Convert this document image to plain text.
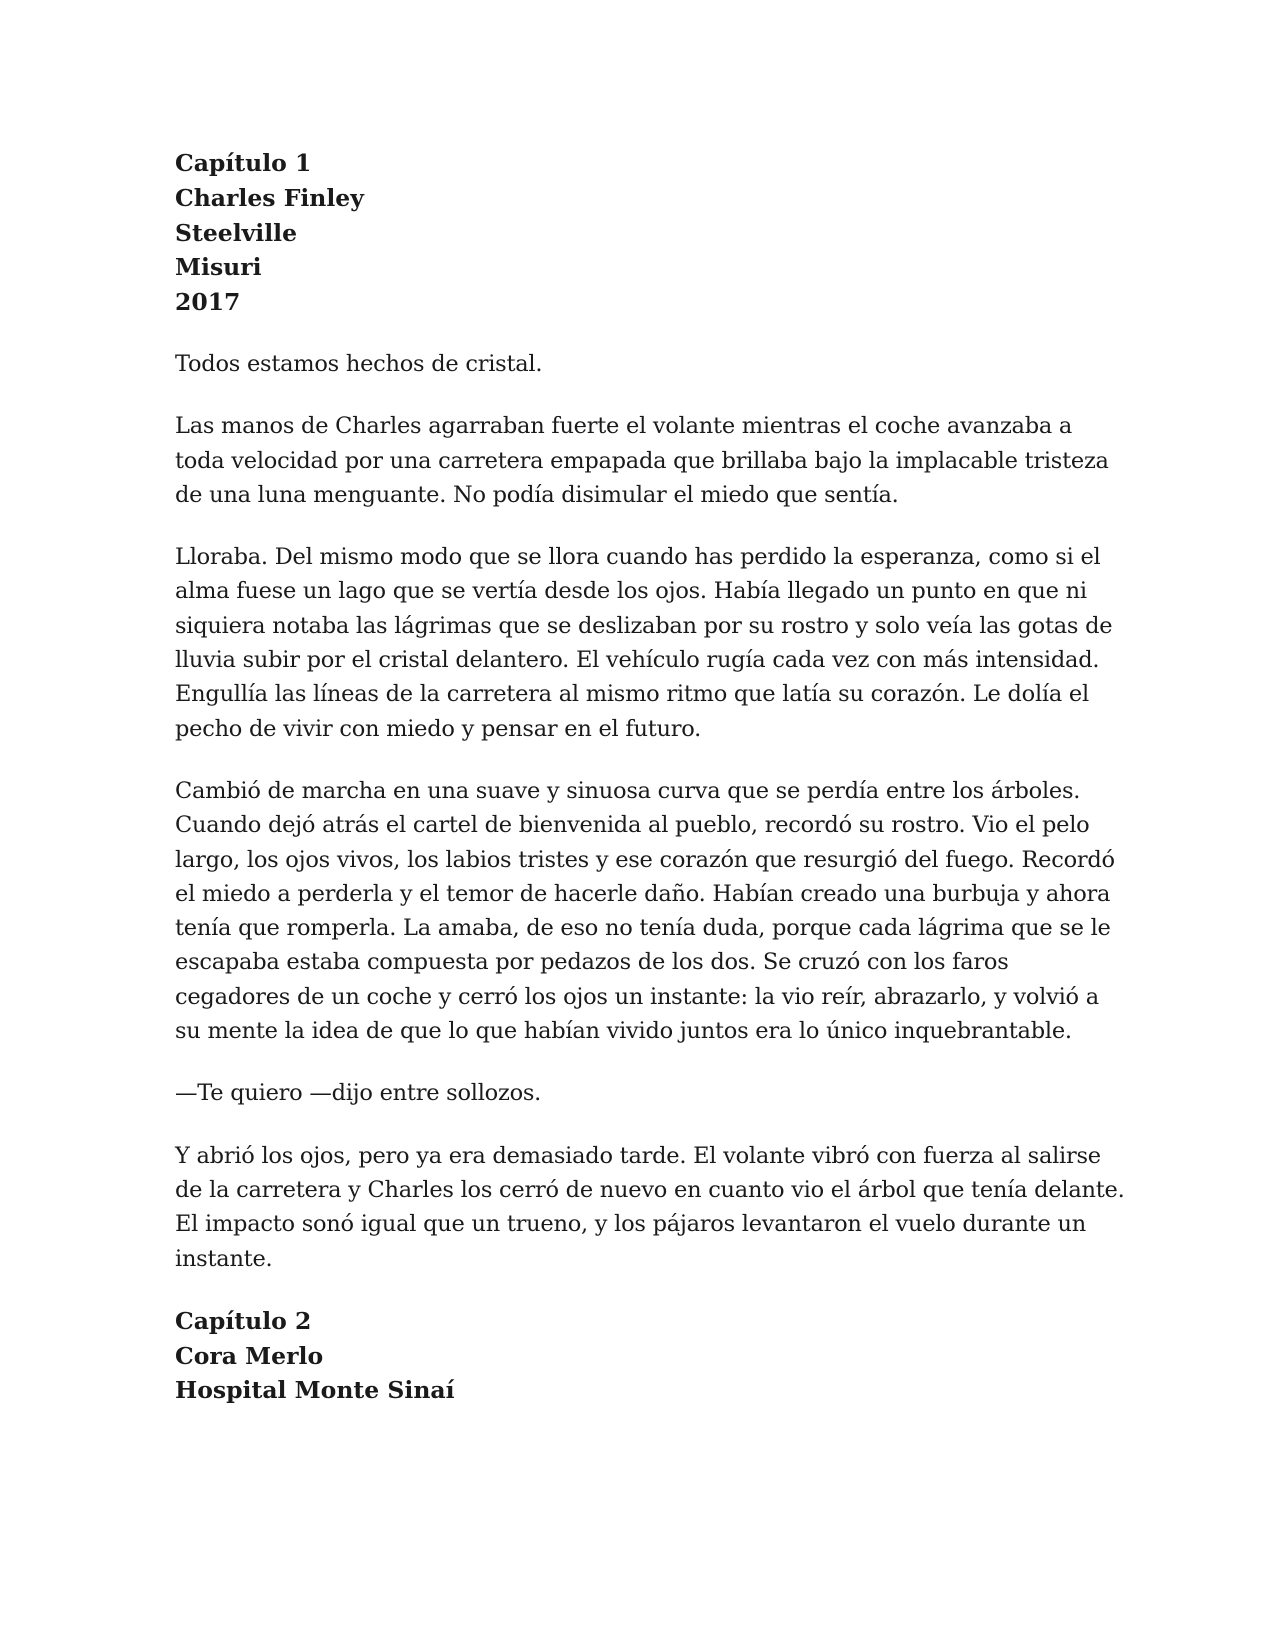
Capítulo 1
Charles Finley
Steelville
Misuri
2017

Todos estamos hechos de cristal.

Las manos de Charles agarraban fuerte el volante mientras el coche avanzaba a
toda velocidad por una carretera empapada que brillaba bajo la implacable tristeza
de una luna menguante. No podía disimular el miedo que sentía.

Lloraba. Del mismo modo que se llora cuando has perdido la esperanza, como si el
alma fuese un lago que se vertía desde los ojos. Había llegado un punto en que ni
siquiera notaba las lágrimas que se deslizaban por su rostro y solo veía las gotas de
lluvia subir por el cristal delantero. El vehículo rugía cada vez con más intensidad.
Engullía las líneas de la carretera al mismo ritmo que latía su corazón. Le dolía el
pecho de vivir con miedo y pensar en el futuro.

Cambió de marcha en una suave y sinuosa curva que se perdía entre los árboles.
Cuando dejó atrás el cartel de bienvenida al pueblo, recordó su rostro. Vio el pelo
largo, los ojos vivos, los labios tristes y ese corazón que resurgió del fuego. Recordó
el miedo a perderla y el temor de hacerle daño. Habían creado una burbuja y ahora
tenía que romperla. La amaba, de eso no tenía duda, porque cada lágrima que se le
escapaba estaba compuesta por pedazos de los dos. Se cruzó con los faros
cegadores de un coche y cerró los ojos un instante: la vio reír, abrazarlo, y volvió a
su mente la idea de que lo que habían vivido juntos era lo único inquebrantable.

—Te quiero —dijo entre sollozos.

Y abrió los ojos, pero ya era demasiado tarde. El volante vibró con fuerza al salirse
de la carretera y Charles los cerró de nuevo en cuanto vio el árbol que tenía delante.
El impacto sonó igual que un trueno, y los pájaros levantaron el vuelo durante un
instante.

Capítulo 2
Cora Merlo
Hospital Monte Sinaí
